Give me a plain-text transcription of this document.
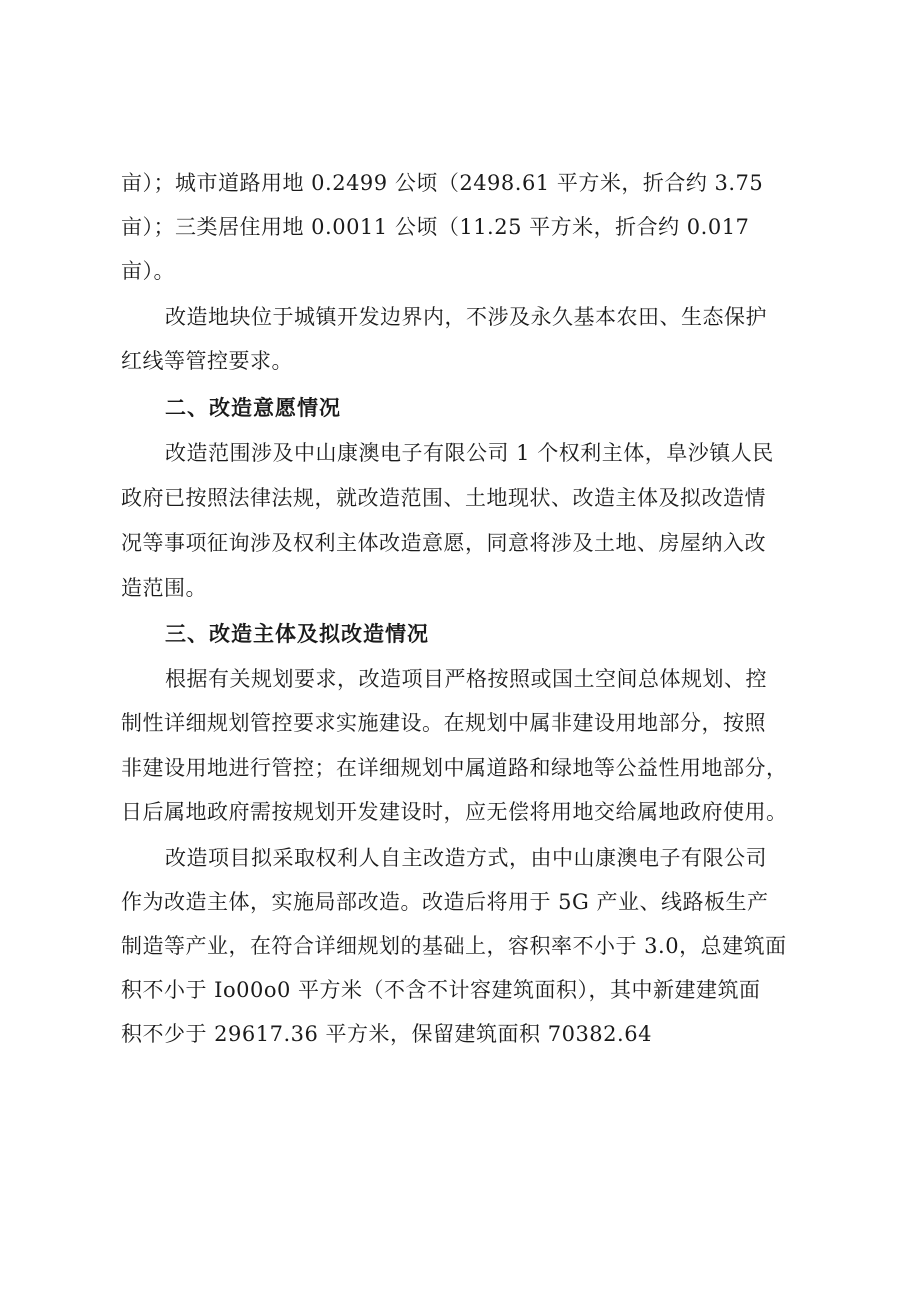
亩）；城市道路用地 0.2499 公顷（2498.61 平方米，折合约 3.75
亩）；三类居住用地 0.0011 公顷（11.25 平方米，折合约 0.017
亩）。
改造地块位于城镇开发边界内，不涉及永久基本农田、生态保护
红线等管控要求。
二、改造意愿情况
改造范围涉及中山康澳电子有限公司 1 个权利主体，阜沙镇人民
政府已按照法律法规，就改造范围、土地现状、改造主体及拟改造情
况等事项征询涉及权利主体改造意愿，同意将涉及土地、房屋纳入改
造范围。
三、改造主体及拟改造情况
根据有关规划要求，改造项目严格按照或国土空间总体规划、控
制性详细规划管控要求实施建设。在规划中属非建设用地部分，按照
非建设用地进行管控；在详细规划中属道路和绿地等公益性用地部分，
日后属地政府需按规划开发建设时，应无偿将用地交给属地政府使用。
改造项目拟采取权利人自主改造方式，由中山康澳电子有限公司
作为改造主体，实施局部改造。改造后将用于 5G 产业、线路板生产
制造等产业，在符合详细规划的基础上，容积率不小于 3.0，总建筑面
积不小于 Io00o0 平方米（不含不计容建筑面积），其中新建建筑面
积不少于 29617.36 平方米，保留建筑面积 70382.64
